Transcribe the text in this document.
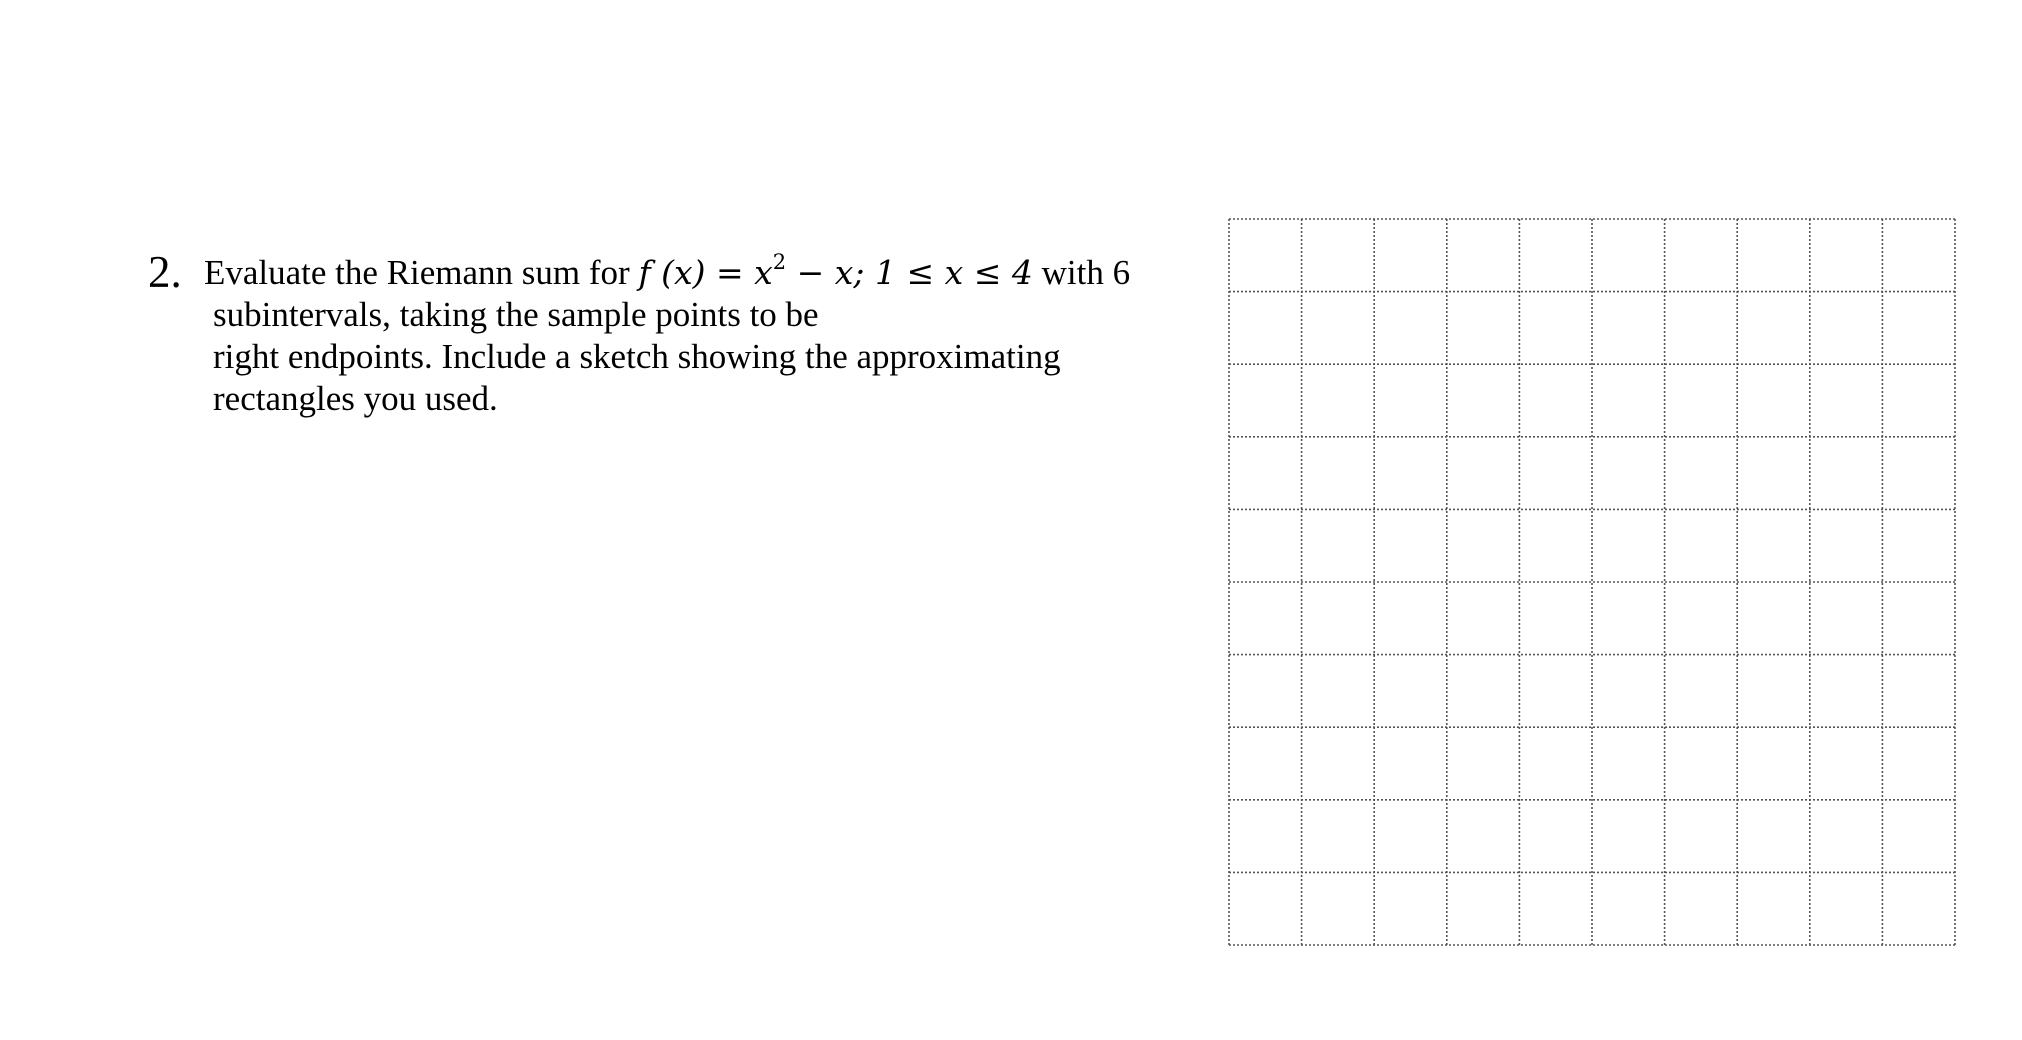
2. Evaluate the Riemann sum for f $(x) = x^2 - x$; 1 ≤ x ≤ 4 with 6
subintervals, taking the sample points to be
right endpoints. Include a sketch showing the approximating
rectangles you used.
